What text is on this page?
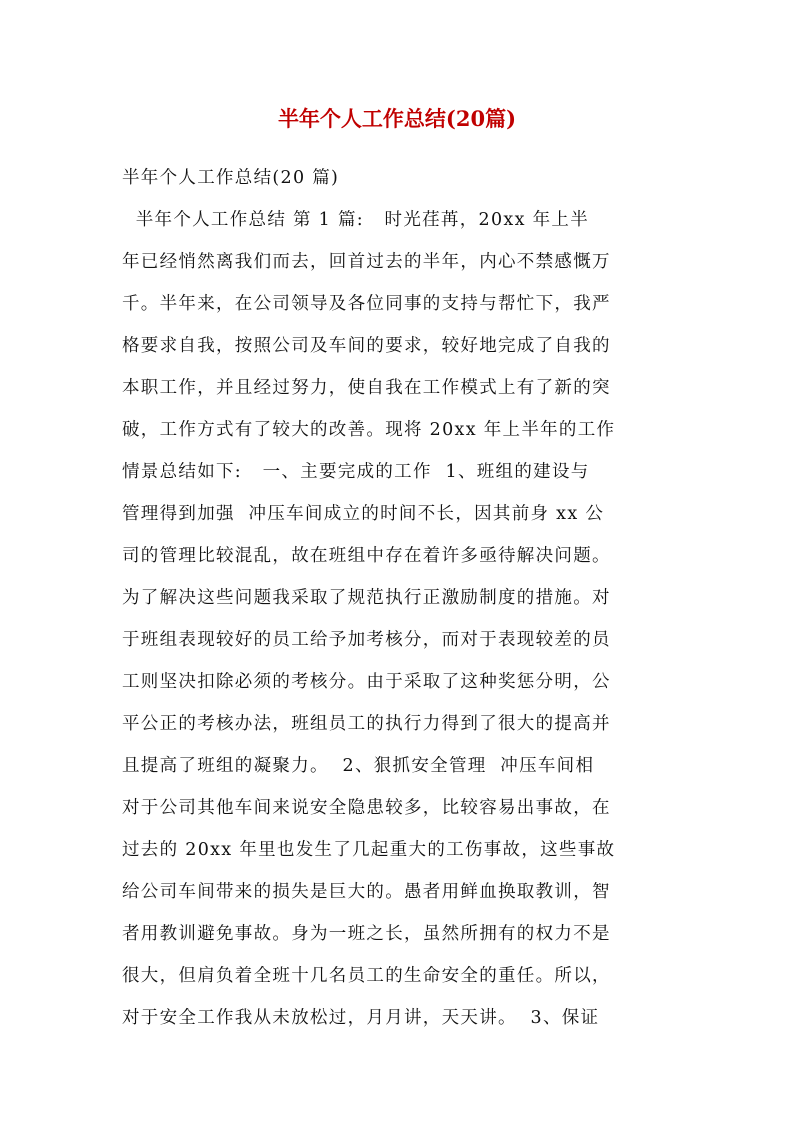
半年个人工作总结(20篇)
半年个人工作总结(20 篇)
半年个人工作总结 第 1 篇:   时光荏苒，20xx 年上半
年已经悄然离我们而去，回首过去的半年，内心不禁感慨万
千。半年来，在公司领导及各位同事的支持与帮忙下，我严
格要求自我，按照公司及车间的要求，较好地完成了自我的
本职工作，并且经过努力，使自我在工作模式上有了新的突
破，工作方式有了较大的改善。现将 20xx 年上半年的工作
情景总结如下:   一、主要完成的工作  1、班组的建设与
管理得到加强  冲压车间成立的时间不长，因其前身 xx 公
司的管理比较混乱，故在班组中存在着许多亟待解决问题。
为了解决这些问题我采取了规范执行正激励制度的措施。对
于班组表现较好的员工给予加考核分，而对于表现较差的员
工则坚决扣除必须的考核分。由于采取了这种奖惩分明，公
平公正的考核办法，班组员工的执行力得到了很大的提高并
且提高了班组的凝聚力。  2、狠抓安全管理  冲压车间相
对于公司其他车间来说安全隐患较多，比较容易出事故，在
过去的 20xx 年里也发生了几起重大的工伤事故，这些事故
给公司车间带来的损失是巨大的。愚者用鲜血换取教训，智
者用教训避免事故。身为一班之长，虽然所拥有的权力不是
很大，但肩负着全班十几名员工的生命安全的重任。所以，
对于安全工作我从未放松过，月月讲，天天讲。  3、保证
